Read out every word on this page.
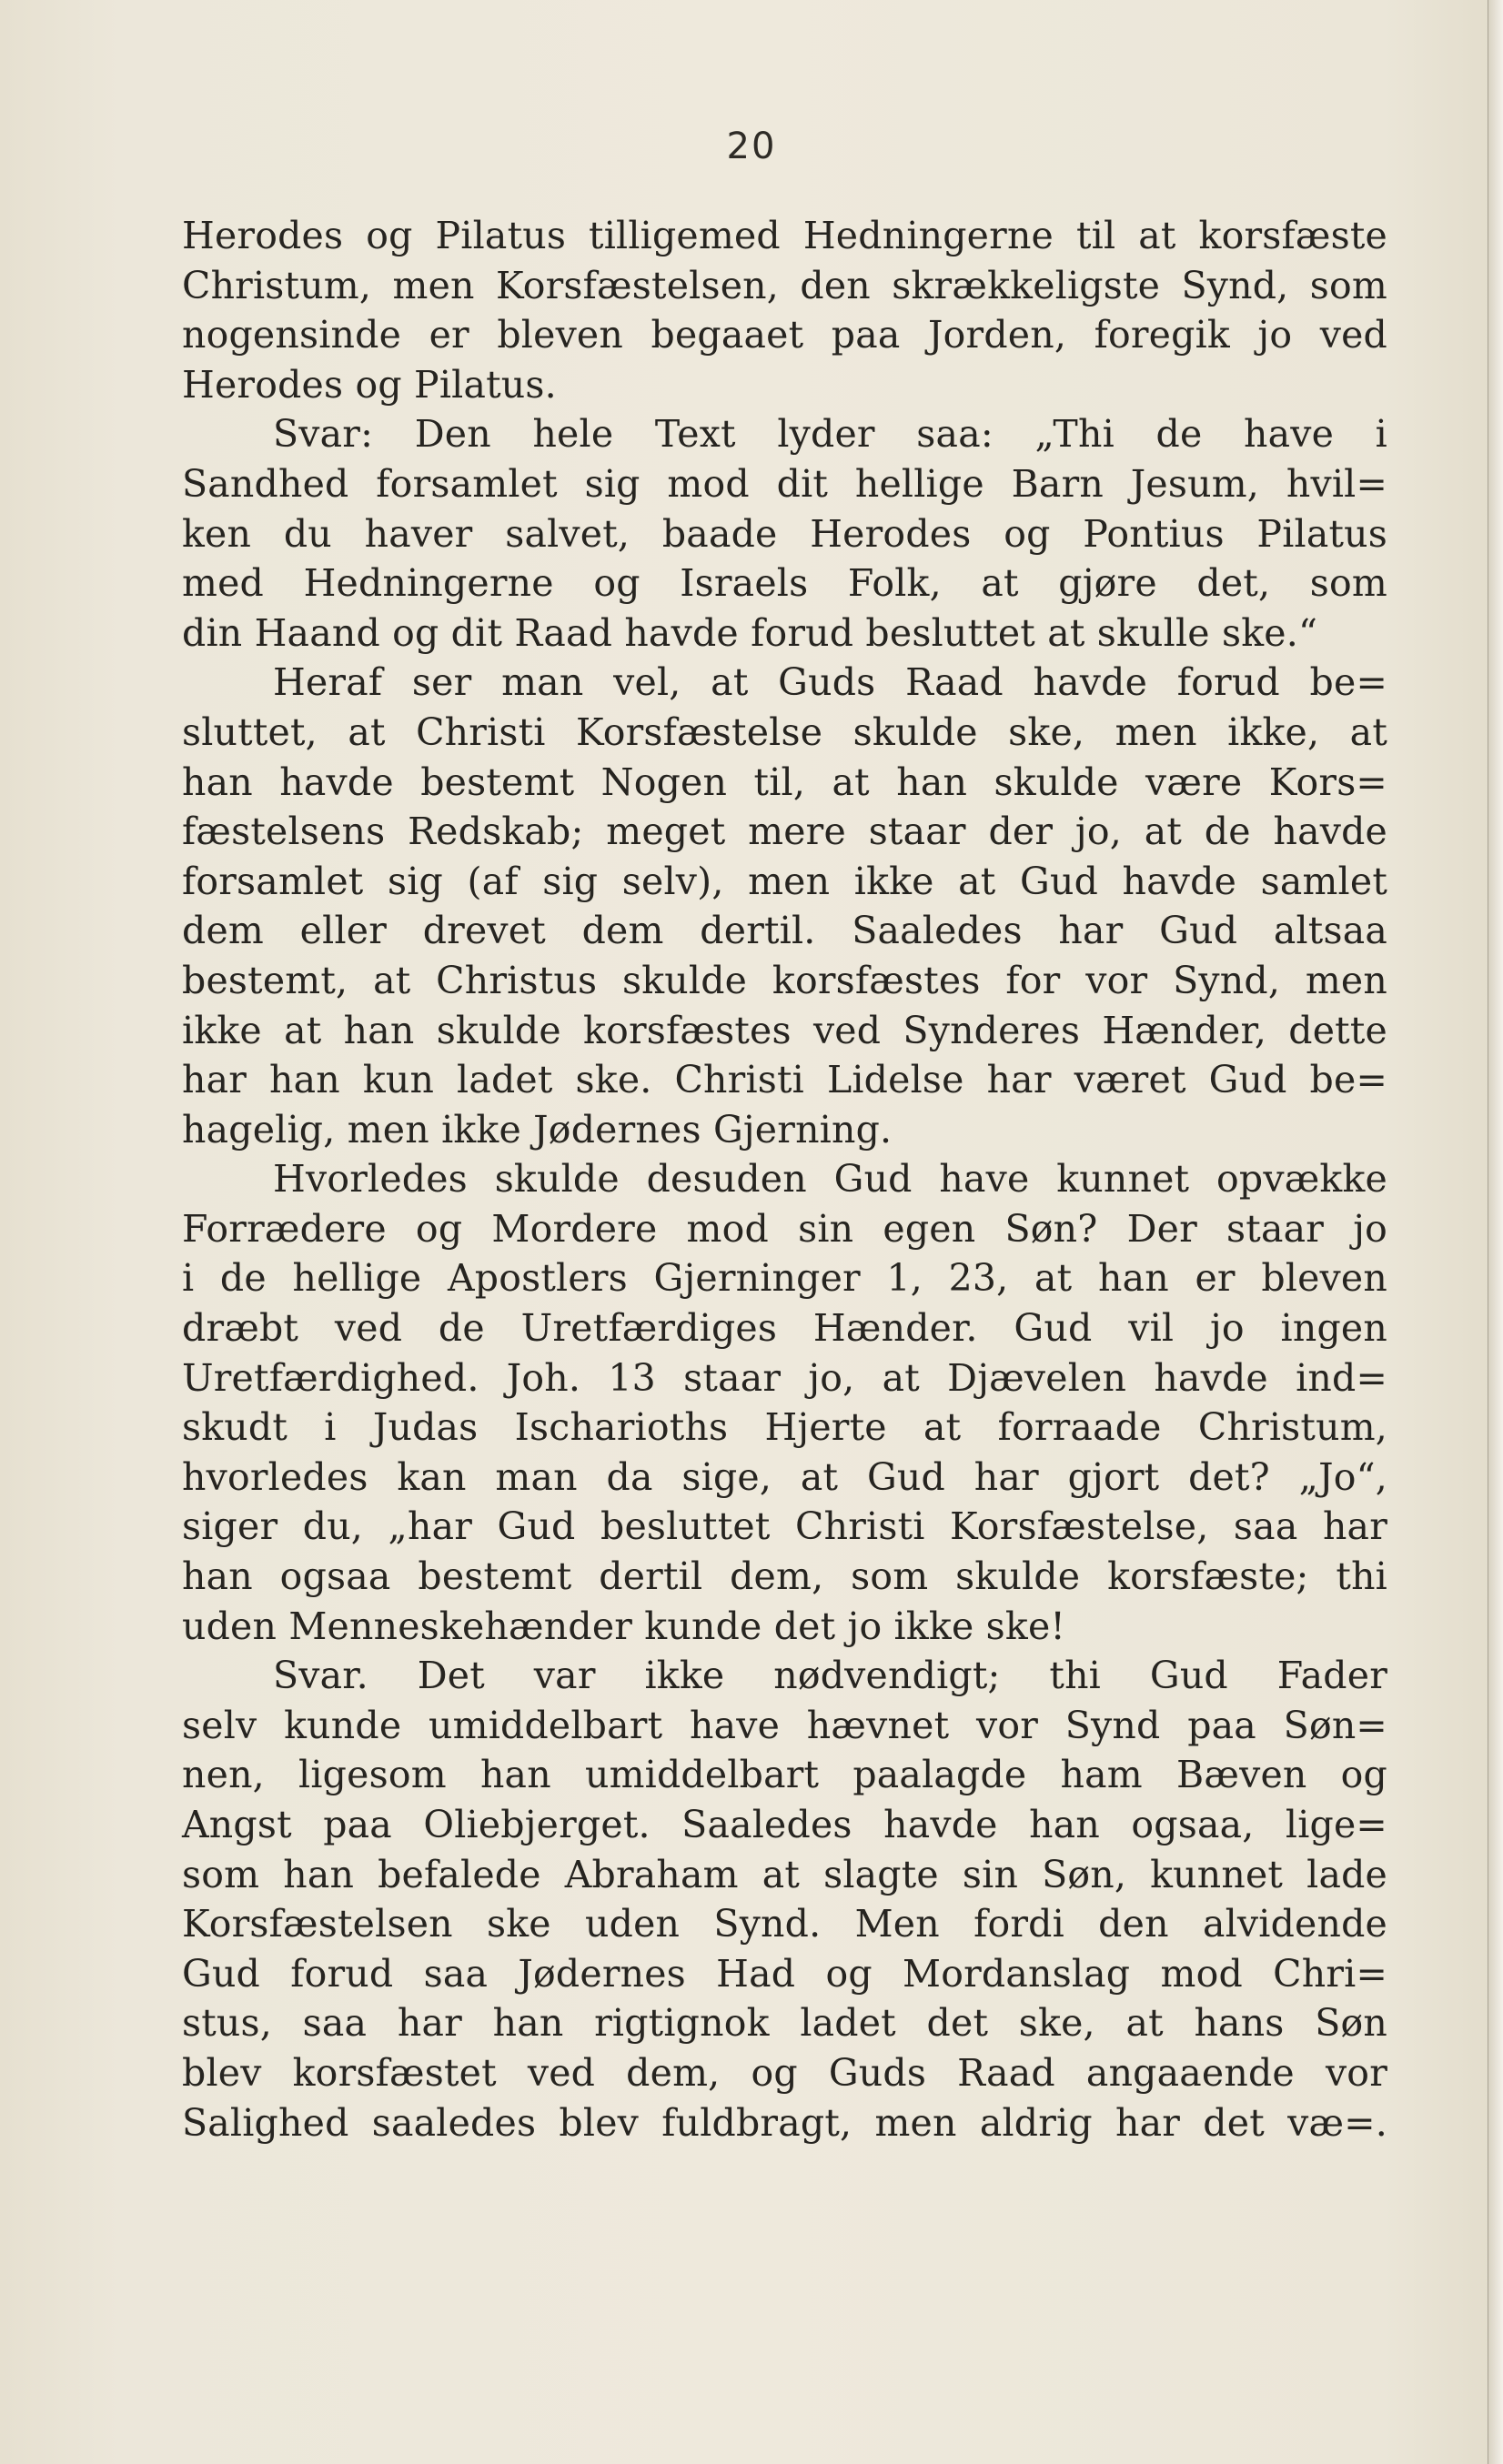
20
Herodes og Pilatus tilligemed Hedningerne til at korsfæste
Christum, men Korsfæstelsen, den skrækkeligste Synd, som
nogensinde er bleven begaaet paa Jorden, foregik jo ved
Herodes og Pilatus.
Svar: Den hele Text lyder saa: „Thi de have i
Sandhed forsamlet sig mod dit hellige Barn Jesum, hvil=
ken du haver salvet, baade Herodes og Pontius Pilatus
med Hedningerne og Israels Folk, at gjøre det, som
din Haand og dit Raad havde forud besluttet at skulle ske.“
Heraf ser man vel, at Guds Raad havde forud be=
sluttet, at Christi Korsfæstelse skulde ske, men ikke, at
han havde bestemt Nogen til, at han skulde være Kors=
fæstelsens Redskab; meget mere staar der jo, at de havde
forsamlet sig (af sig selv), men ikke at Gud havde samlet
dem eller drevet dem dertil. Saaledes har Gud altsaa
bestemt, at Christus skulde korsfæstes for vor Synd, men
ikke at han skulde korsfæstes ved Synderes Hænder, dette
har han kun ladet ske. Christi Lidelse har været Gud be=
hagelig, men ikke Jødernes Gjerning.
Hvorledes skulde desuden Gud have kunnet opvække
Forrædere og Mordere mod sin egen Søn? Der staar jo
i de hellige Apostlers Gjerninger 1, 23, at han er bleven
dræbt ved de Uretfærdiges Hænder. Gud vil jo ingen
Uretfærdighed. Joh. 13 staar jo, at Djævelen havde ind=
skudt i Judas Ischarioths Hjerte at forraade Christum,
hvorledes kan man da sige, at Gud har gjort det? „Jo“,
siger du, „har Gud besluttet Christi Korsfæstelse, saa har
han ogsaa bestemt dertil dem, som skulde korsfæste; thi
uden Menneskehænder kunde det jo ikke ske!
Svar. Det var ikke nødvendigt; thi Gud Fader
selv kunde umiddelbart have hævnet vor Synd paa Søn=
nen, ligesom han umiddelbart paalagde ham Bæven og
Angst paa Oliebjerget. Saaledes havde han ogsaa, lige=
som han befalede Abraham at slagte sin Søn, kunnet lade
Korsfæstelsen ske uden Synd. Men fordi den alvidende
Gud forud saa Jødernes Had og Mordanslag mod Chri=
stus, saa har han rigtignok ladet det ske, at hans Søn
blev korsfæstet ved dem, og Guds Raad angaaende vor
Salighed saaledes blev fuldbragt, men aldrig har det væ=.
